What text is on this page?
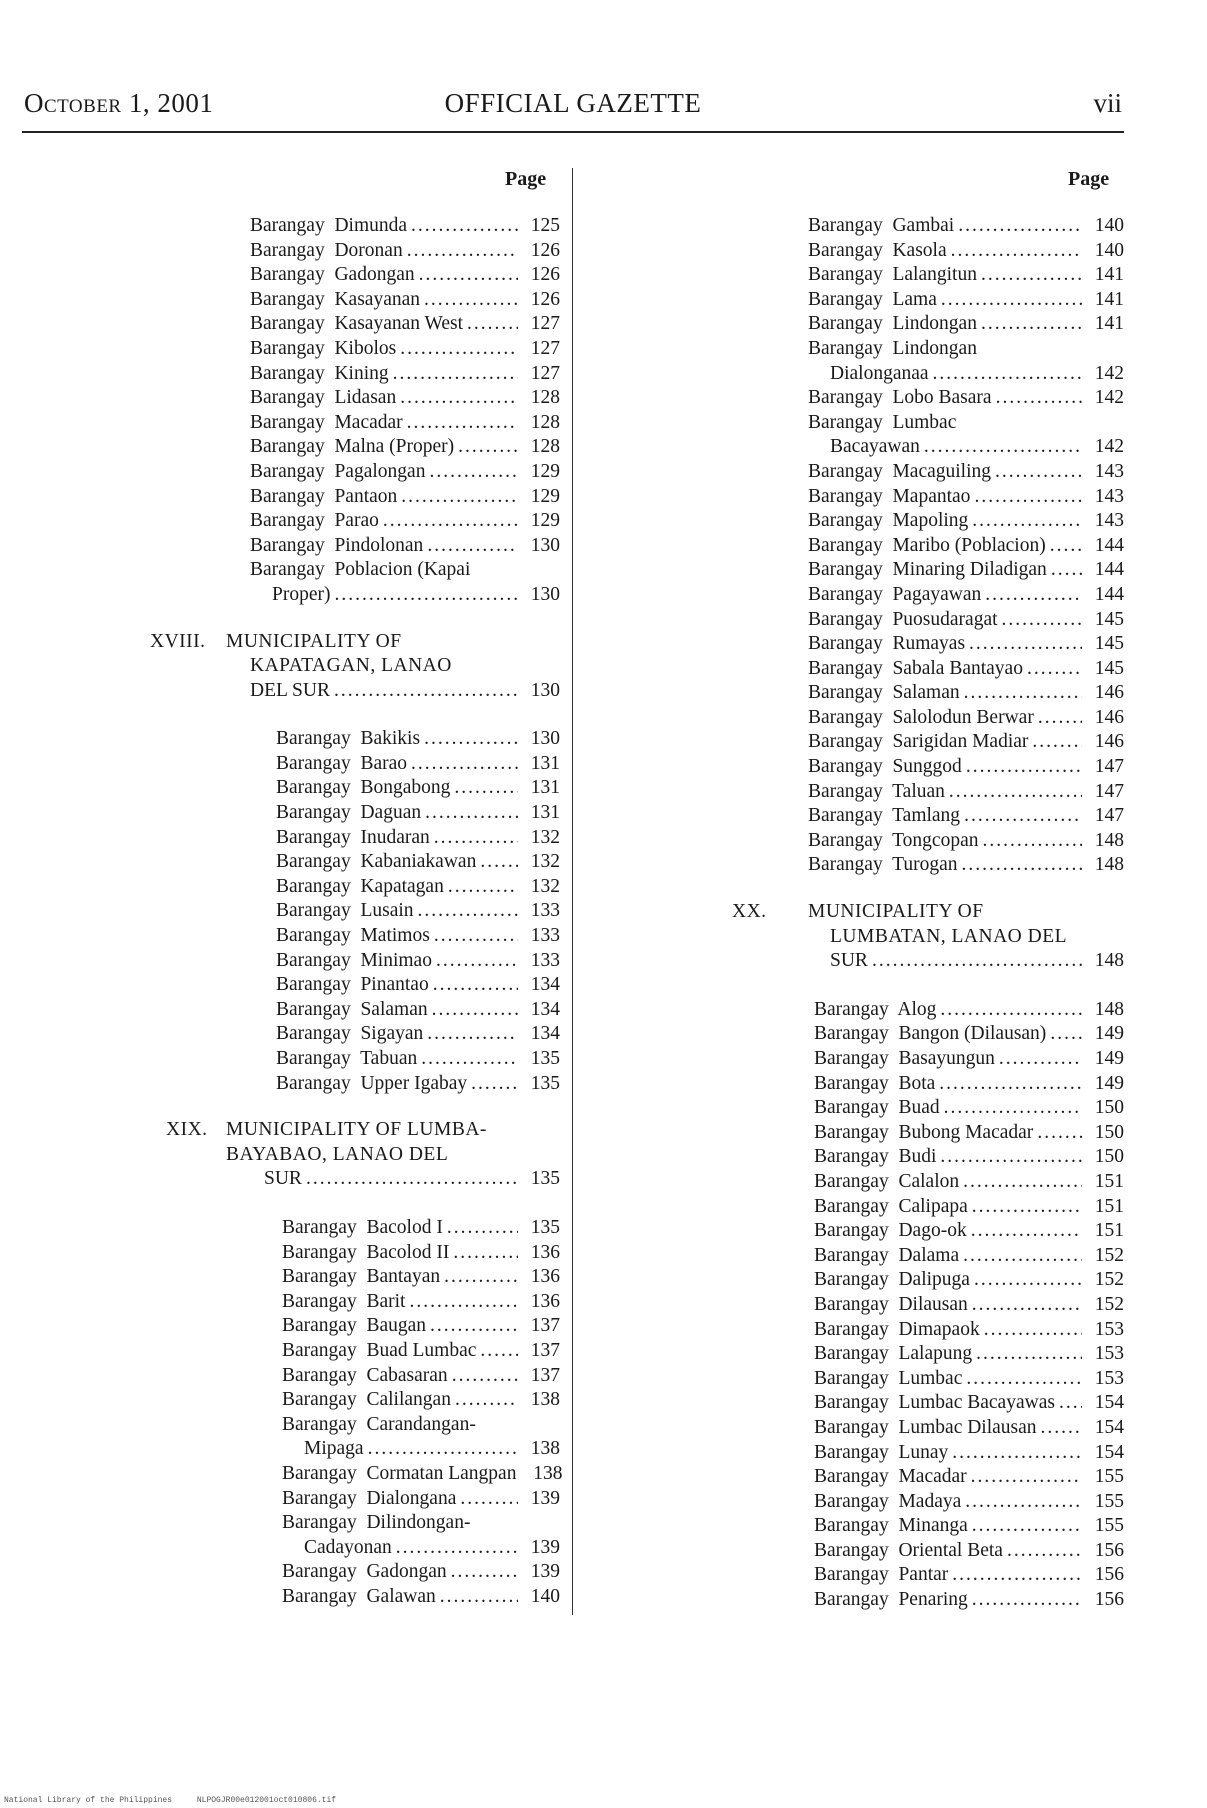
October 1, 2001	OFFICIAL GAZETTE	vii
Page	Page
Barangay  Dimunda .....	125
Barangay  Doronan .....	126
Barangay  Gadongan .....	126
Barangay  Kasayanan .....	126
Barangay  Kasayanan West .....	127
Barangay  Kibolos .....	127
Barangay  Kining .....	127
Barangay  Lidasan .....	128
Barangay  Macadar .....	128
Barangay  Malna (Proper) .....	128
Barangay  Pagalongan .....	129
Barangay  Pantaon .....	129
Barangay  Parao .....	129
Barangay  Pindolonan .....	130
Barangay  Poblacion (Kapai
Proper) .....	130
XVIII.	MUNICIPALITY OF
KAPATAGAN, LANAO
DEL SUR .....	130
Barangay  Bakikis .....	130
Barangay  Barao .....	131
Barangay  Bongabong .....	131
Barangay  Daguan .....	131
Barangay  Inudaran .....	132
Barangay  Kabaniakawan .....	132
Barangay  Kapatagan .....	132
Barangay  Lusain .....	133
Barangay  Matimos .....	133
Barangay  Minimao .....	133
Barangay  Pinantao .....	134
Barangay  Salaman .....	134
Barangay  Sigayan .....	134
Barangay  Tabuan .....	135
Barangay  Upper Igabay .....	135
XIX. MUNICIPALITY OF LUMBA-
BAYABAO, LANAO DEL
SUR .....	135
Barangay  Bacolod I .....	135
Barangay  Bacolod II .....	136
Barangay  Bantayan .....	136
Barangay  Barit .....	136
Barangay  Baugan .....	137
Barangay  Buad Lumbac .....	137
Barangay  Cabasaran .....	137
Barangay  Calilangan .....	138
Barangay  Carandangan-
Mipaga .....	138
Barangay  Cormatan Langpan 138
Barangay  Dialongana .....	139
Barangay  Dilindongan-
Cadayonan .....	139
Barangay  Gadongan .....	139
Barangay  Galawan .....	140
Barangay  Gambai .....	140
Barangay  Kasola .....	140
Barangay  Lalangitun .....	141
Barangay  Lama .....	141
Barangay  Lindongan .....	141
Barangay  Lindongan
Dialonganaa .....	142
Barangay  Lobo Basara .....	142
Barangay  Lumbac
Bacayawan .....	142
Barangay  Macaguiling .....	143
Barangay  Mapantao .....	143
Barangay  Mapoling .....	143
Barangay  Maribo (Poblacion) .....	144
Barangay  Minaring Diladigan .....	144
Barangay  Pagayawan .....	144
Barangay  Puosudaragat .....	145
Barangay  Rumayas .....	145
Barangay  Sabala Bantayao .....	145
Barangay  Salaman .....	146
Barangay  Salolodun Berwar .....	146
Barangay  Sarigidan Madiar .....	146
Barangay  Sunggod .....	147
Barangay  Taluan .....	147
Barangay  Tamlang .....	147
Barangay  Tongcopan .....	148
Barangay  Turogan .....	148
XX.	MUNICIPALITY OF
LUMBATAN, LANAO DEL
SUR .....	148
Barangay  Alog .....	148
Barangay  Bangon (Dilausan) .....	149
Barangay  Basayungun .....	149
Barangay  Bota .....	149
Barangay  Buad .....	150
Barangay  Bubong Macadar .....	150
Barangay  Budi .....	150
Barangay  Calalon .....	151
Barangay  Calipapa .....	151
Barangay  Dago-ok .....	151
Barangay  Dalama .....	152
Barangay  Dalipuga .....	152
Barangay  Dilausan .....	152
Barangay  Dimapaok .....	153
Barangay  Lalapung .....	153
Barangay  Lumbac .....	153
Barangay  Lumbac Bacayawas .....	154
Barangay  Lumbac Dilausan .....	154
Barangay  Lunay .....	154
Barangay  Macadar .....	155
Barangay  Madaya .....	155
Barangay  Minanga .....	155
Barangay  Oriental Beta .....	156
Barangay  Pantar .....	156
Barangay  Penaring .....	156
National Library of the Philippines	NLPOGJR00e012001oct010806.tif
